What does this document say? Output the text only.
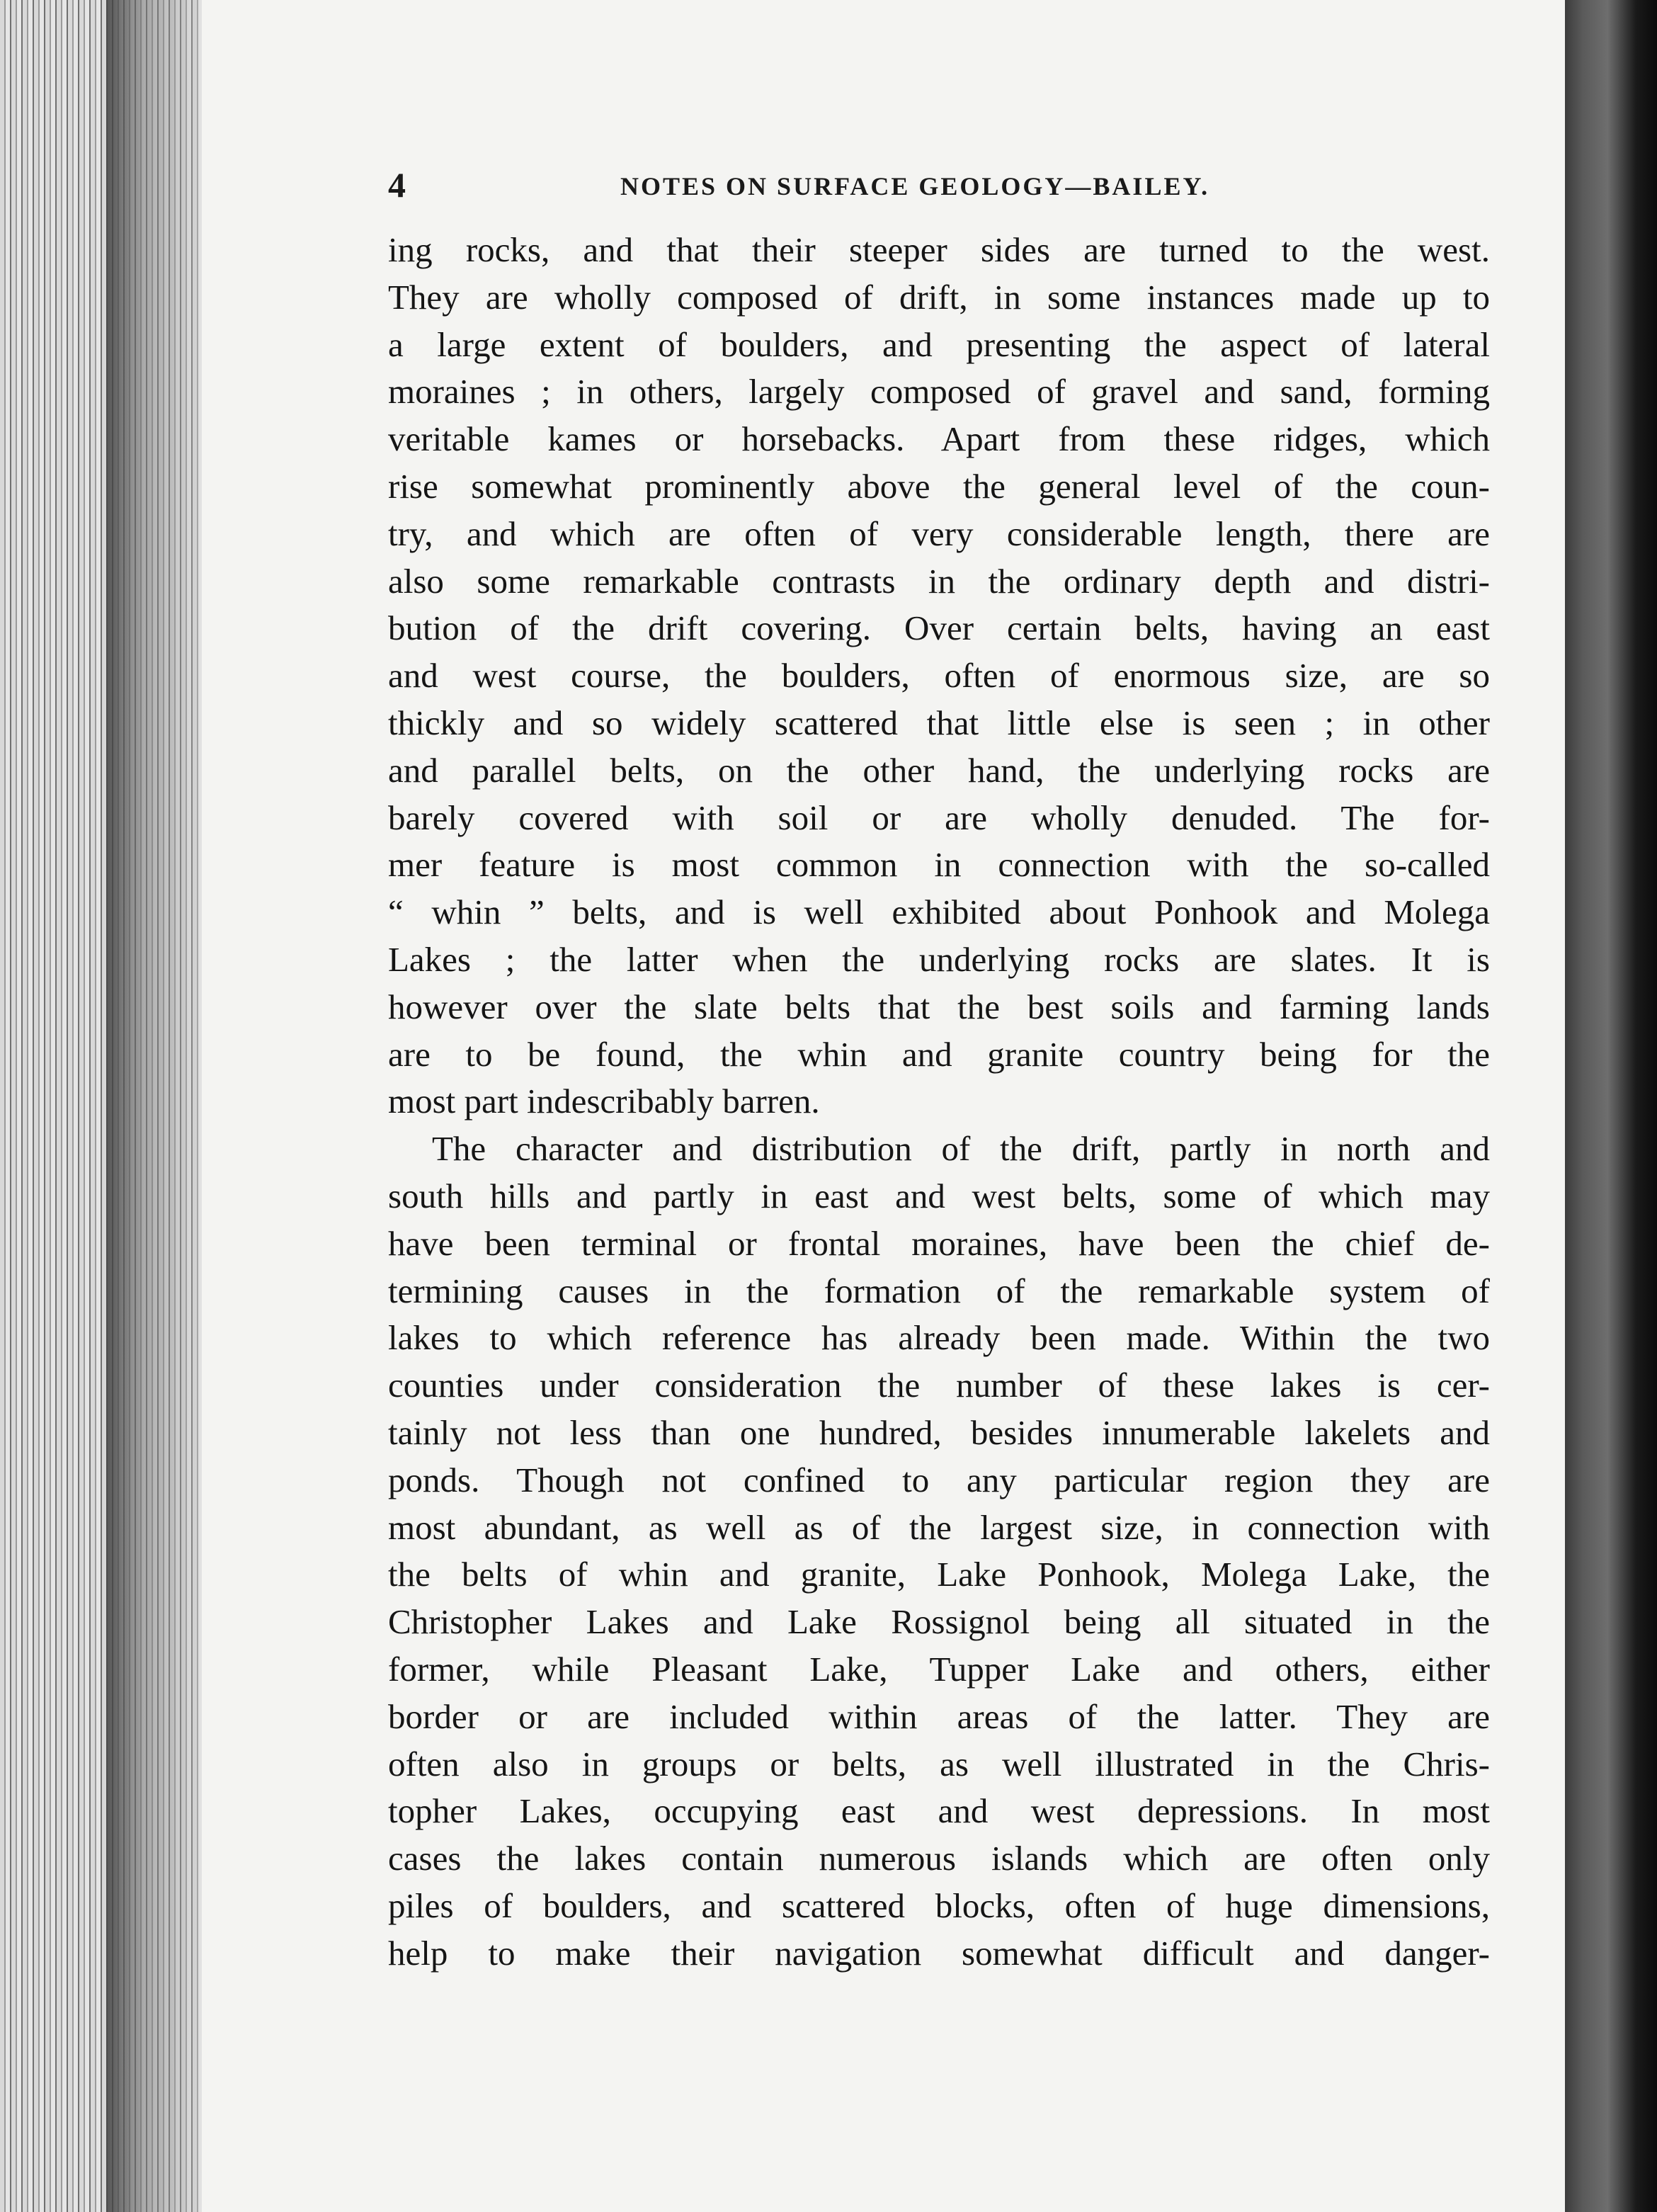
4	NOTES ON SURFACE GEOLOGY—BAILEY.
ing rocks, and that their steeper sides are turned to the west.
They are wholly composed of drift, in some instances made up to
a large extent of boulders, and presenting the aspect of lateral
moraines ; in others, largely composed of gravel and sand, forming
veritable kames or horsebacks. Apart from these ridges, which
rise somewhat prominently above the general level of the coun-
try, and which are often of very considerable length, there are
also some remarkable contrasts in the ordinary depth and distri-
bution of the drift covering. Over certain belts, having an east
and west course, the boulders, often of enormous size, are so
thickly and so widely scattered that little else is seen ; in other
and parallel belts, on the other hand, the underlying rocks are
barely covered with soil or are wholly denuded. The for-
mer feature is most common in connection with the so-called
“ whin ” belts, and is well exhibited about Ponhook and Molega
Lakes ; the latter when the underlying rocks are slates. It is
however over the slate belts that the best soils and farming lands
are to be found, the whin and granite country being for the
most part indescribably barren.
The character and distribution of the drift, partly in north and
south hills and partly in east and west belts, some of which may
have been terminal or frontal moraines, have been the chief de-
termining causes in the formation of the remarkable system of
lakes to which reference has already been made. Within the two
counties under consideration the number of these lakes is cer-
tainly not less than one hundred, besides innumerable lakelets and
ponds. Though not confined to any particular region they are
most abundant, as well as of the largest size, in connection with
the belts of whin and granite, Lake Ponhook, Molega Lake, the
Christopher Lakes and Lake Rossignol being all situated in the
former, while Pleasant Lake, Tupper Lake and others, either
border or are included within areas of the latter. They are
often also in groups or belts, as well illustrated in the Chris-
topher Lakes, occupying east and west depressions. In most
cases the lakes contain numerous islands which are often only
piles of boulders, and scattered blocks, often of huge dimensions,
help to make their navigation somewhat difficult and danger-
